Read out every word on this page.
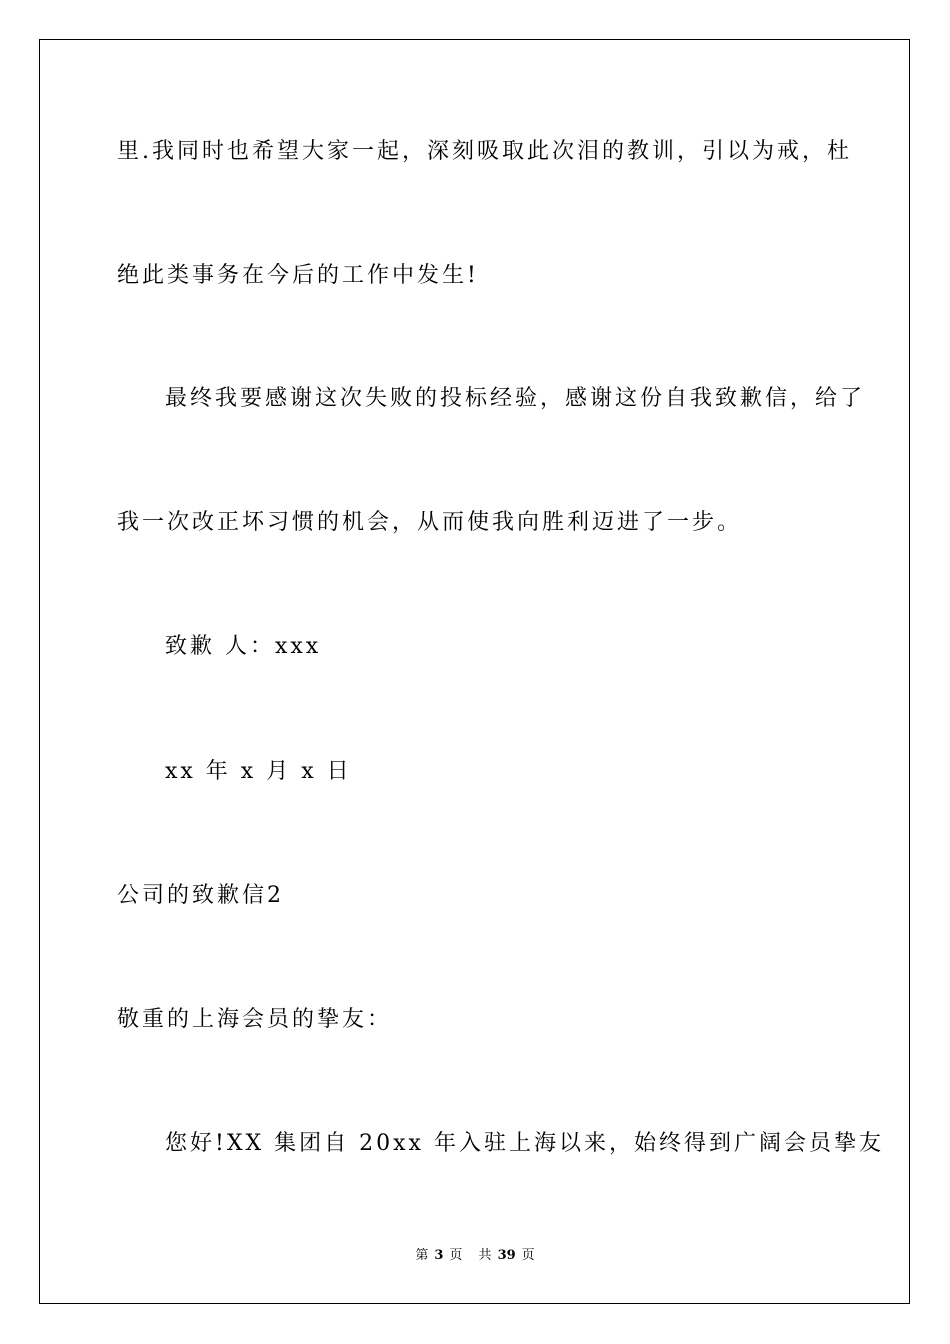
里.我同时也希望大家一起，深刻吸取此次泪的教训，引以为戒，杜
绝此类事务在今后的工作中发生!
最终我要感谢这次失败的投标经验，感谢这份自我致歉信，给了
我一次改正坏习惯的机会，从而使我向胜利迈进了一步。
致歉 人：xxx
xx 年 x 月 x 日
公司的致歉信2
敬重的上海会员的挚友：
您好!XX 集团自 20xx 年入驻上海以来，始终得到广阔会员挚友
第 3 页 共 39 页
